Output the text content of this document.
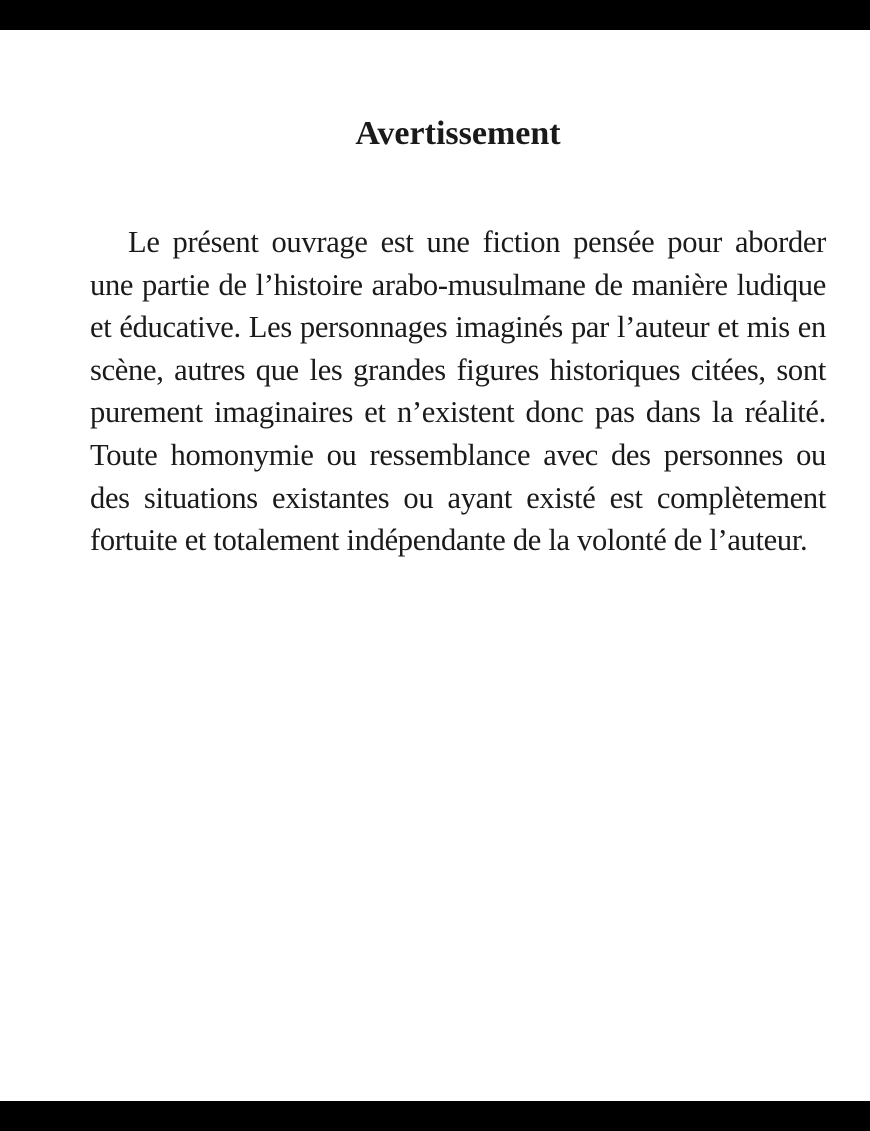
Avertissement

Le présent ouvrage est une fiction pensée pour aborder une partie de l’histoire arabo-musulmane de manière ludique et éducative. Les personnages imaginés par l’auteur et mis en scène, autres que les grandes figures historiques citées, sont purement imaginaires et n’existent donc pas dans la réalité. Toute homonymie ou ressemblance avec des personnes ou des situations existantes ou ayant existé est complètement fortuite et totalement indépendante de la volonté de l’auteur.
